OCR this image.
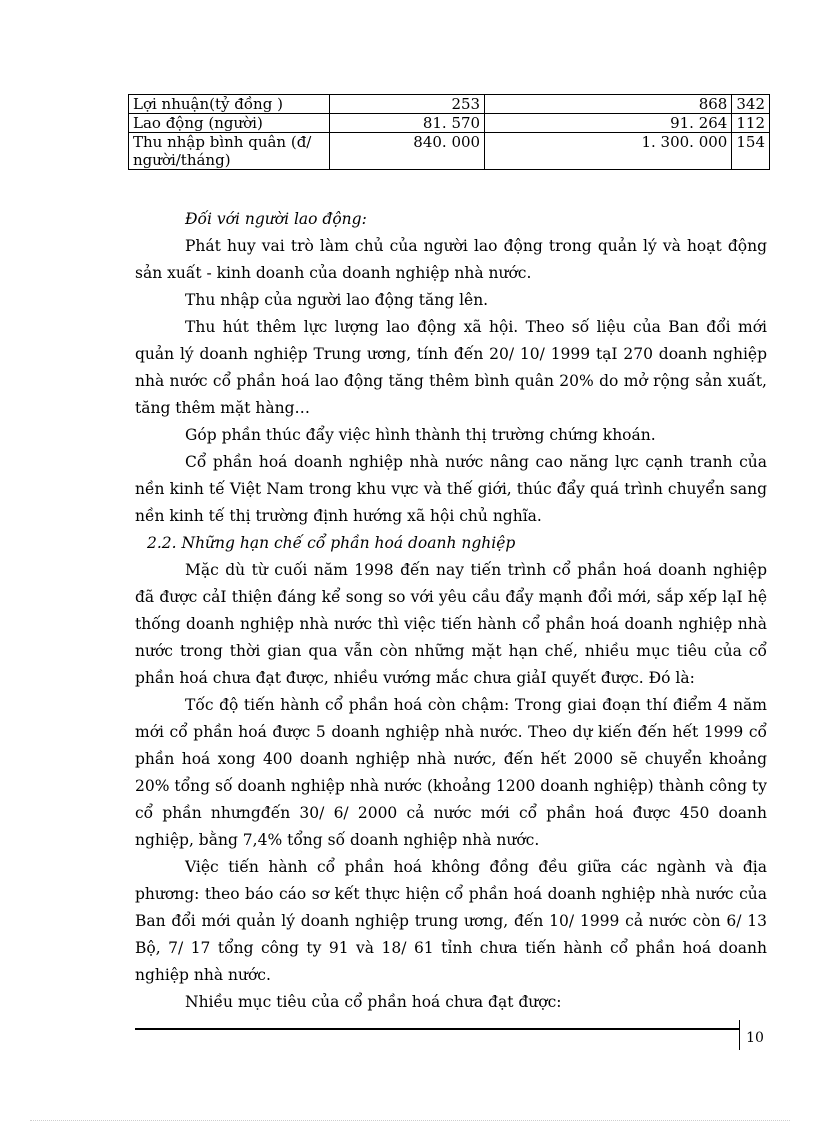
Lợi nhuận(tỷ đồng )	253	868	342
Lao động (người)	81. 570	91. 264	112
Thu nhập bình quân (đ/ người/tháng)	840. 000	1. 300. 000	154

Đối với người lao động:

Phát huy vai trò làm chủ của người lao động trong quản lý và hoạt động sản xuất - kinh doanh của doanh nghiệp nhà nước.

Thu nhập của người lao động tăng lên.

Thu hút thêm lực lượng lao động xã hội. Theo số liệu của Ban đổi mới quản lý doanh nghiệp Trung ương, tính đến 20/ 10/ 1999 tạI 270 doanh nghiệp nhà nước cổ phần hoá lao động tăng thêm bình quân 20% do mở rộng sản xuất, tăng thêm mặt hàng…

Góp phần thúc đẩy việc hình thành thị trường chứng khoán.

Cổ phần hoá doanh nghiệp nhà nước nâng cao năng lực cạnh tranh của nền kinh tế Việt Nam trong khu vực và thế giới, thúc đẩy quá trình chuyển sang nền kinh tế thị trường định hướng xã hội chủ nghĩa.

2.2. Những hạn chế cổ phần hoá doanh nghiệp

Mặc dù từ cuối năm 1998 đến nay tiến trình cổ phần hoá doanh nghiệp đã được cảI thiện đáng kể song so với yêu cầu đẩy mạnh đổi mới, sắp xếp lạI hệ thống doanh nghiệp nhà nước thì việc tiến hành cổ phần hoá doanh nghiệp nhà nước trong thời gian qua vẫn còn những mặt hạn chế, nhiều mục tiêu của cổ phần hoá chưa đạt được, nhiều vướng mắc chưa giảI quyết được. Đó là:

Tốc độ tiến hành cổ phần hoá còn chậm: Trong giai đoạn thí điểm 4 năm mới cổ phần hoá được 5 doanh nghiệp nhà nước. Theo dự kiến đến hết 1999 cổ phần hoá xong 400 doanh nghiệp nhà nước, đến hết 2000 sẽ chuyển khoảng 20% tổng số doanh nghiệp nhà nước (khoảng 1200 doanh nghiệp) thành công ty cổ phần nhưngđến 30/ 6/ 2000 cả nước mới cổ phần hoá được 450 doanh nghiệp, bằng 7,4% tổng số doanh nghiệp nhà nước.

Việc tiến hành cổ phần hoá không đồng đều giữa các ngành và địa phương: theo báo cáo sơ kết thực hiện cổ phần hoá doanh nghiệp nhà nước của Ban đổi mới quản lý doanh nghiệp trung ương, đến 10/ 1999 cả nước còn 6/ 13 Bộ, 7/ 17 tổng công ty 91 và 18/ 61 tỉnh chưa tiến hành cổ phần hoá doanh nghiệp nhà nước.

Nhiều mục tiêu của cổ phần hoá chưa đạt được:

10
